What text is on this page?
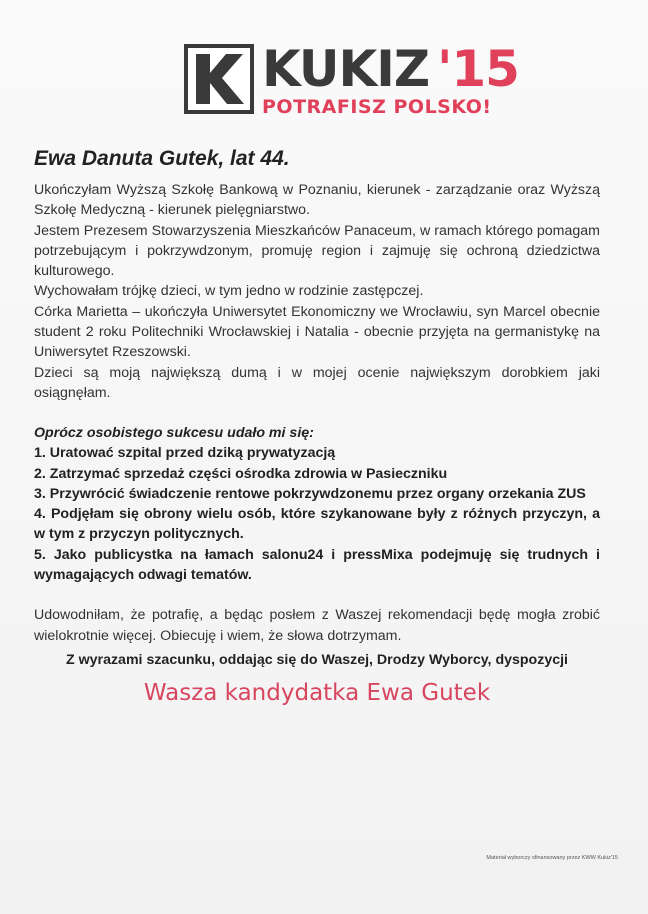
KUKIZ '15
POTRAFISZ POLSKO!
Ewa Danuta Gutek, lat 44.

Ukończyłam Wyższą Szkołę Bankową w Poznaniu, kierunek - zarządzanie oraz Wyższą Szkołę Medyczną - kierunek pielęgniarstwo.

Jestem Prezesem Stowarzyszenia Mieszkańców Panaceum, w ramach którego pomagam potrzebującym i pokrzywdzonym, promuję region i zajmuję się ochroną dziedzictwa kulturowego.

Wychowałam trójkę dzieci, w tym jedno w rodzinie zastępczej.

Córka Marietta – ukończyła Uniwersytet Ekonomiczny we Wrocławiu, syn Marcel obecnie student 2 roku Politechniki Wrocławskiej i Natalia - obecnie przyjęta na germanistykę na Uniwersytet Rzeszowski.

Dzieci są moją największą dumą i w mojej ocenie największym dorobkiem jaki osiągnęłam.

Oprócz osobistego sukcesu udało mi się:

1. Uratować szpital przed dziką prywatyzacją
2. Zatrzymać sprzedaż części ośrodka zdrowia w Pasieczniku
3. Przywrócić świadczenie rentowe pokrzywdzonemu przez organy orzekania ZUS
4. Podjęłam się obrony wielu osób, które szykanowane były z różnych przyczyn, a w tym z przyczyn politycznych.
5. Jako publicystka na łamach salonu24 i pressMixa podejmuję się trudnych i wymagających odwagi tematów.

Udowodniłam, że potrafię, a będąc posłem z Waszej rekomendacji będę mogła zrobić wielokrotnie więcej. Obiecuję i wiem, że słowa dotrzymam.

Z wyrazami szacunku, oddając się do Waszej, Drodzy Wyborcy, dyspozycji

Wasza kandydatka Ewa Gutek
Materiał wyborczy sfinansowany przez KWW Kukiz'15
